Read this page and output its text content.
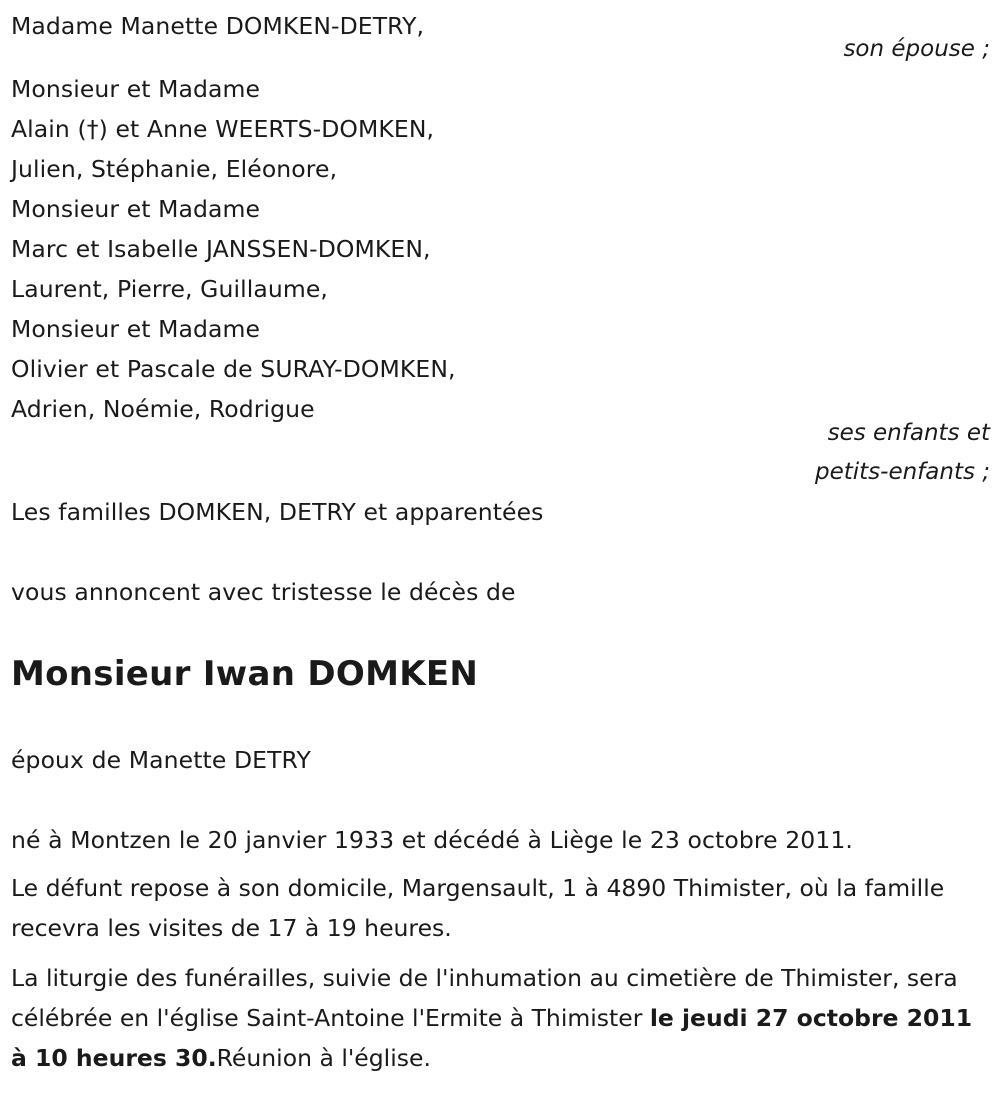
Madame Manette DOMKEN-DETRY,
son épouse ;
Monsieur et Madame
Alain (†) et Anne WEERTS-DOMKEN,
Julien, Stéphanie, Eléonore,
Monsieur et Madame
Marc et Isabelle JANSSEN-DOMKEN,
Laurent, Pierre, Guillaume,
Monsieur et Madame
Olivier et Pascale de SURAY-DOMKEN,
Adrien, Noémie, Rodrigue
ses enfants et
petits-enfants ;
Les familles DOMKEN, DETRY et apparentées
vous annoncent avec tristesse le décès de
Monsieur Iwan DOMKEN
époux de Manette DETRY
né à Montzen le 20 janvier 1933 et décédé à Liège le 23 octobre 2011.
Le défunt repose à son domicile, Margensault, 1 à 4890 Thimister, où la famille recevra les visites de 17 à 19 heures.
La liturgie des funérailles, suivie de l'inhumation au cimetière de Thimister, sera célébrée en l'église Saint-Antoine l'Ermite à Thimister le jeudi 27 octobre 2011 à 10 heures 30.Réunion à l'église.
